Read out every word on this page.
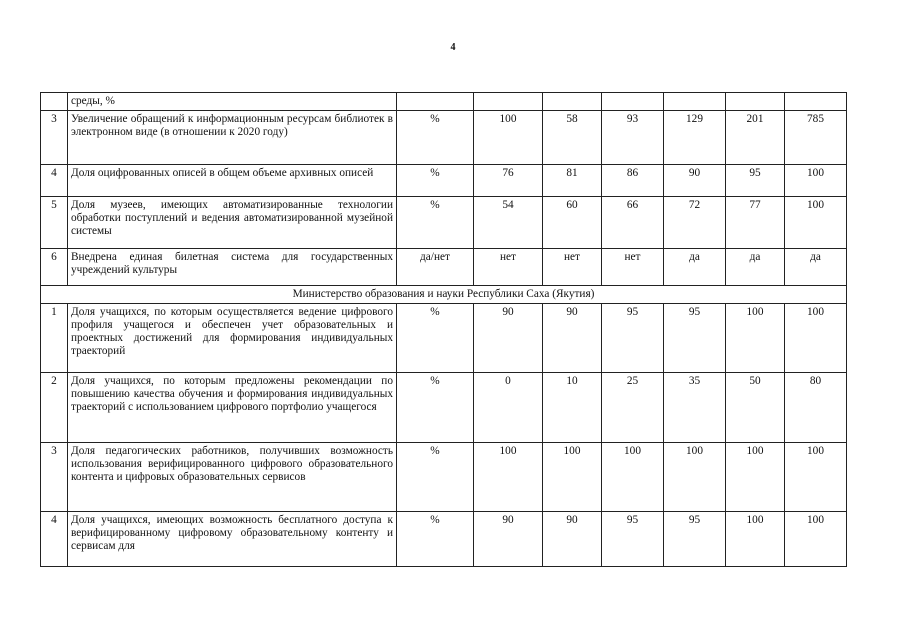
4
	среды, %							
3	Увеличение обращений к информационным ресурсам библиотек в электронном виде (в отношении к 2020 году)	%	100	58	93	129	201	785
4	Доля оцифрованных описей в общем объеме архивных описей	%	76	81	86	90	95	100
5	Доля музеев, имеющих автоматизированные технологии обработки поступлений и ведения автоматизированной музейной системы	%	54	60	66	72	77	100
6	Внедрена единая билетная система для государственных учреждений культуры	да/нет	нет	нет	нет	да	да	да
Министерство образования и науки Республики Саха (Якутия)								
1	Доля учащихся, по которым осуществляется ведение цифрового профиля учащегося и обеспечен учет образовательных и проектных достижений для формирования индивидуальных траекторий	%	90	90	95	95	100	100
2	Доля учащихся, по которым предложены рекомендации по повышению качества обучения и формирования индивидуальных траекторий с использованием цифрового портфолио учащегося	%	0	10	25	35	50	80
3	Доля педагогических работников, получивших возможность использования верифицированного цифрового образовательного контента и цифровых образовательных сервисов	%	100	100	100	100	100	100
4	Доля учащихся, имеющих возможность бесплатного доступа к верифицированному цифровому образовательному контенту и сервисам для	%	90	90	95	95	100	100
